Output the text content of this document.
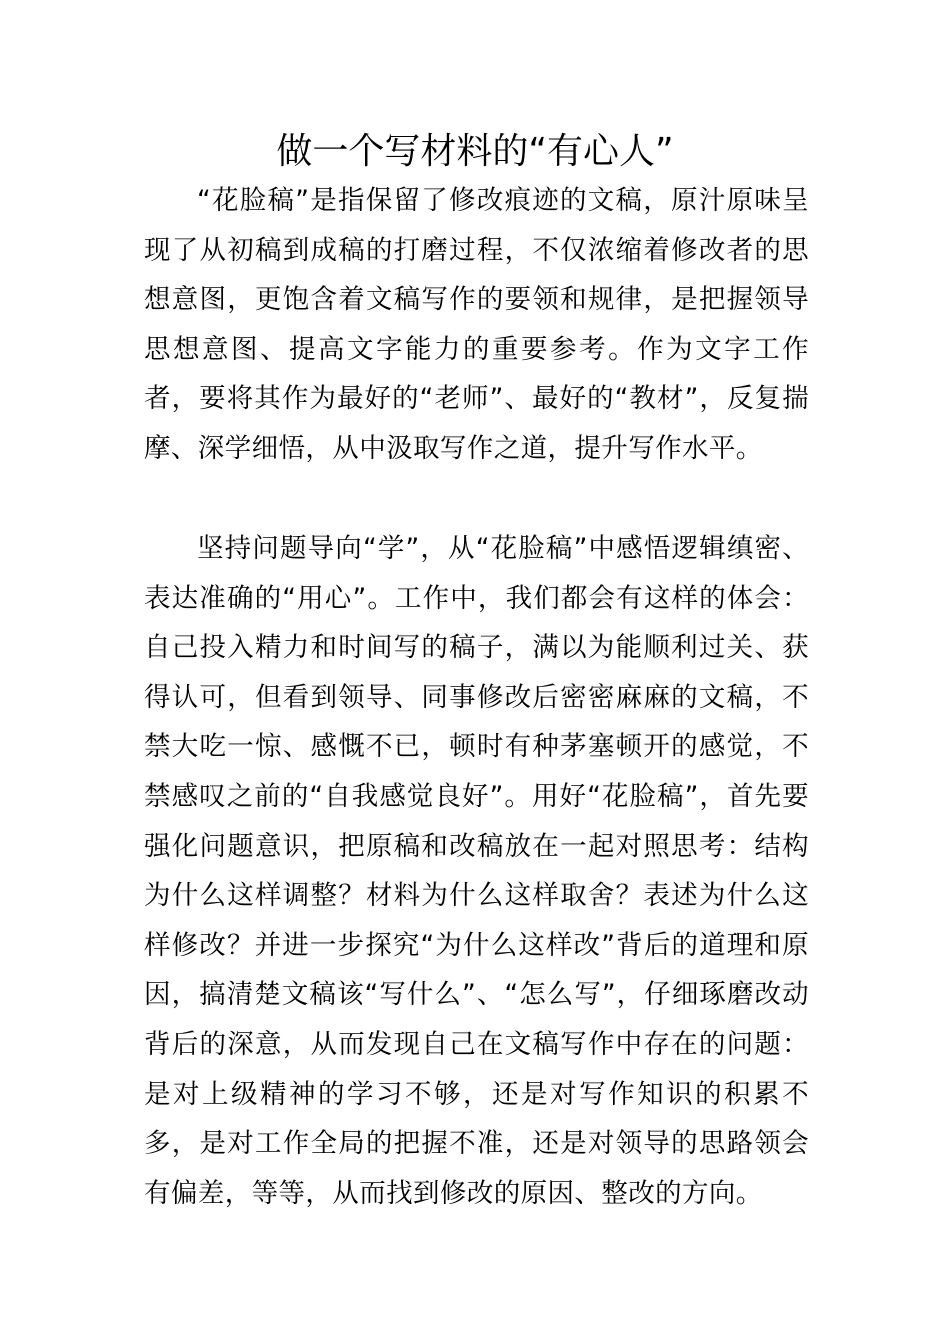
做一个写材料的“有心人”

“花脸稿”是指保留了修改痕迹的文稿，原汁原味呈现了从初稿到成稿的打磨过程，不仅浓缩着修改者的思想意图，更饱含着文稿写作的要领和规律，是把握领导思想意图、提高文字能力的重要参考。作为文字工作者，要将其作为最好的“老师”、最好的“教材”，反复揣摩、深学细悟，从中汲取写作之道，提升写作水平。

坚持问题导向“学”，从“花脸稿”中感悟逻辑缜密、表达准确的“用心”。工作中，我们都会有这样的体会：自己投入精力和时间写的稿子，满以为能顺利过关、获得认可，但看到领导、同事修改后密密麻麻的文稿，不禁大吃一惊、感慨不已，顿时有种茅塞顿开的感觉，不禁感叹之前的“自我感觉良好”。用好“花脸稿”，首先要强化问题意识，把原稿和改稿放在一起对照思考：结构为什么这样调整？材料为什么这样取舍？表述为什么这样修改？并进一步探究“为什么这样改”背后的道理和原因，搞清楚文稿该“写什么”、“怎么写”，仔细琢磨改动背后的深意，从而发现自己在文稿写作中存在的问题：是对上级精神的学习不够，还是对写作知识的积累不多，是对工作全局的把握不准，还是对领导的思路领会有偏差，等等，从而找到修改的原因、整改的方向。
